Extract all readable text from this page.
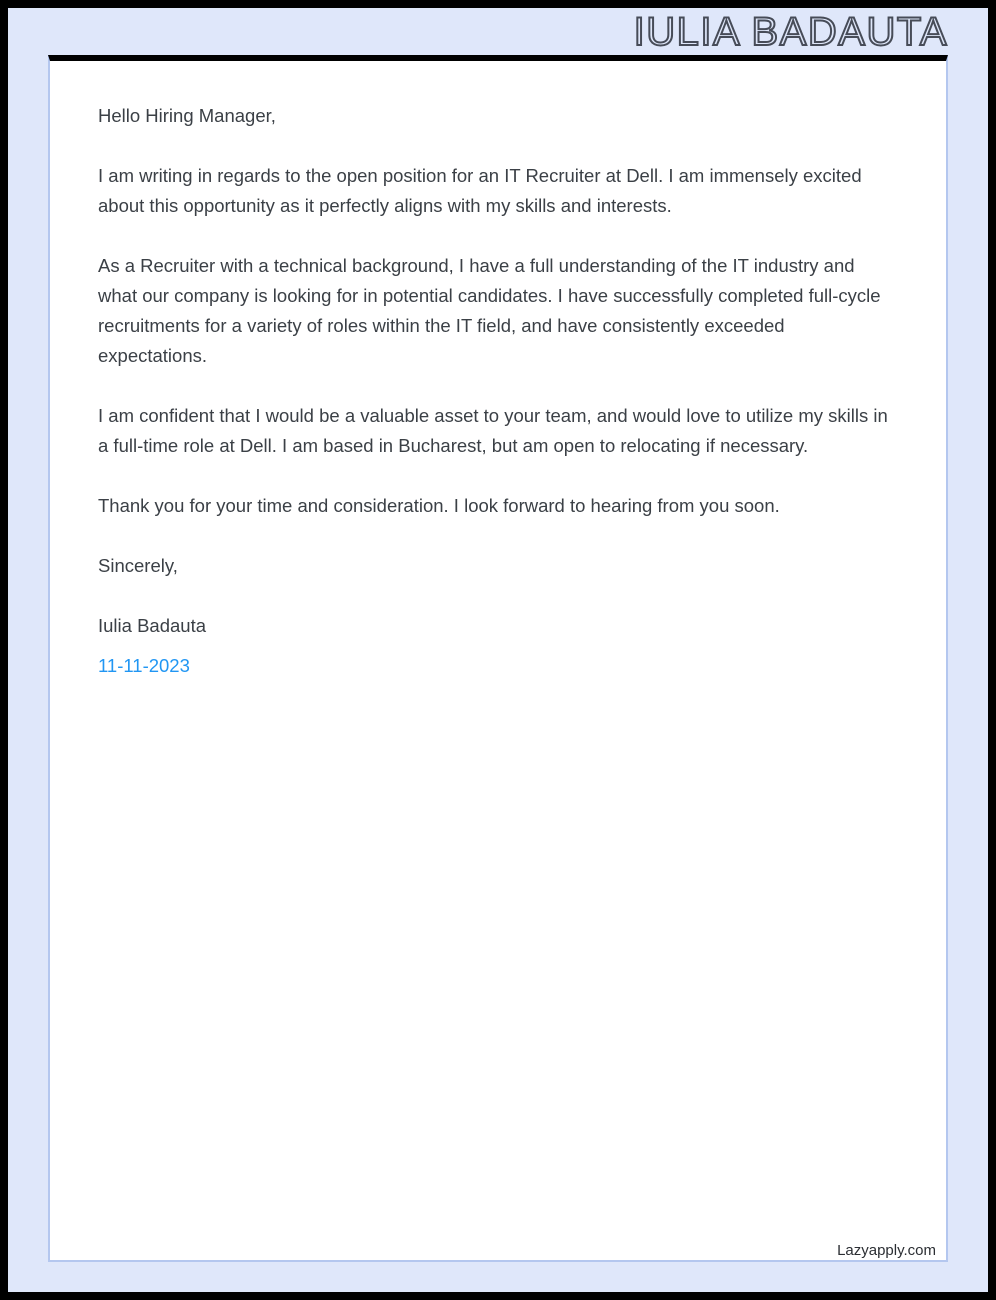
IULIA BADAUTA

Hello Hiring Manager,

I am writing in regards to the open position for an IT Recruiter at Dell. I am immensely excited about this opportunity as it perfectly aligns with my skills and interests.

As a Recruiter with a technical background, I have a full understanding of the IT industry and what our company is looking for in potential candidates. I have successfully completed full-cycle recruitments for a variety of roles within the IT field, and have consistently exceeded expectations.

I am confident that I would be a valuable asset to your team, and would love to utilize my skills in a full-time role at Dell. I am based in Bucharest, but am open to relocating if necessary.

Thank you for your time and consideration. I look forward to hearing from you soon.

Sincerely,

Iulia Badauta

11-11-2023

Lazyapply.com
